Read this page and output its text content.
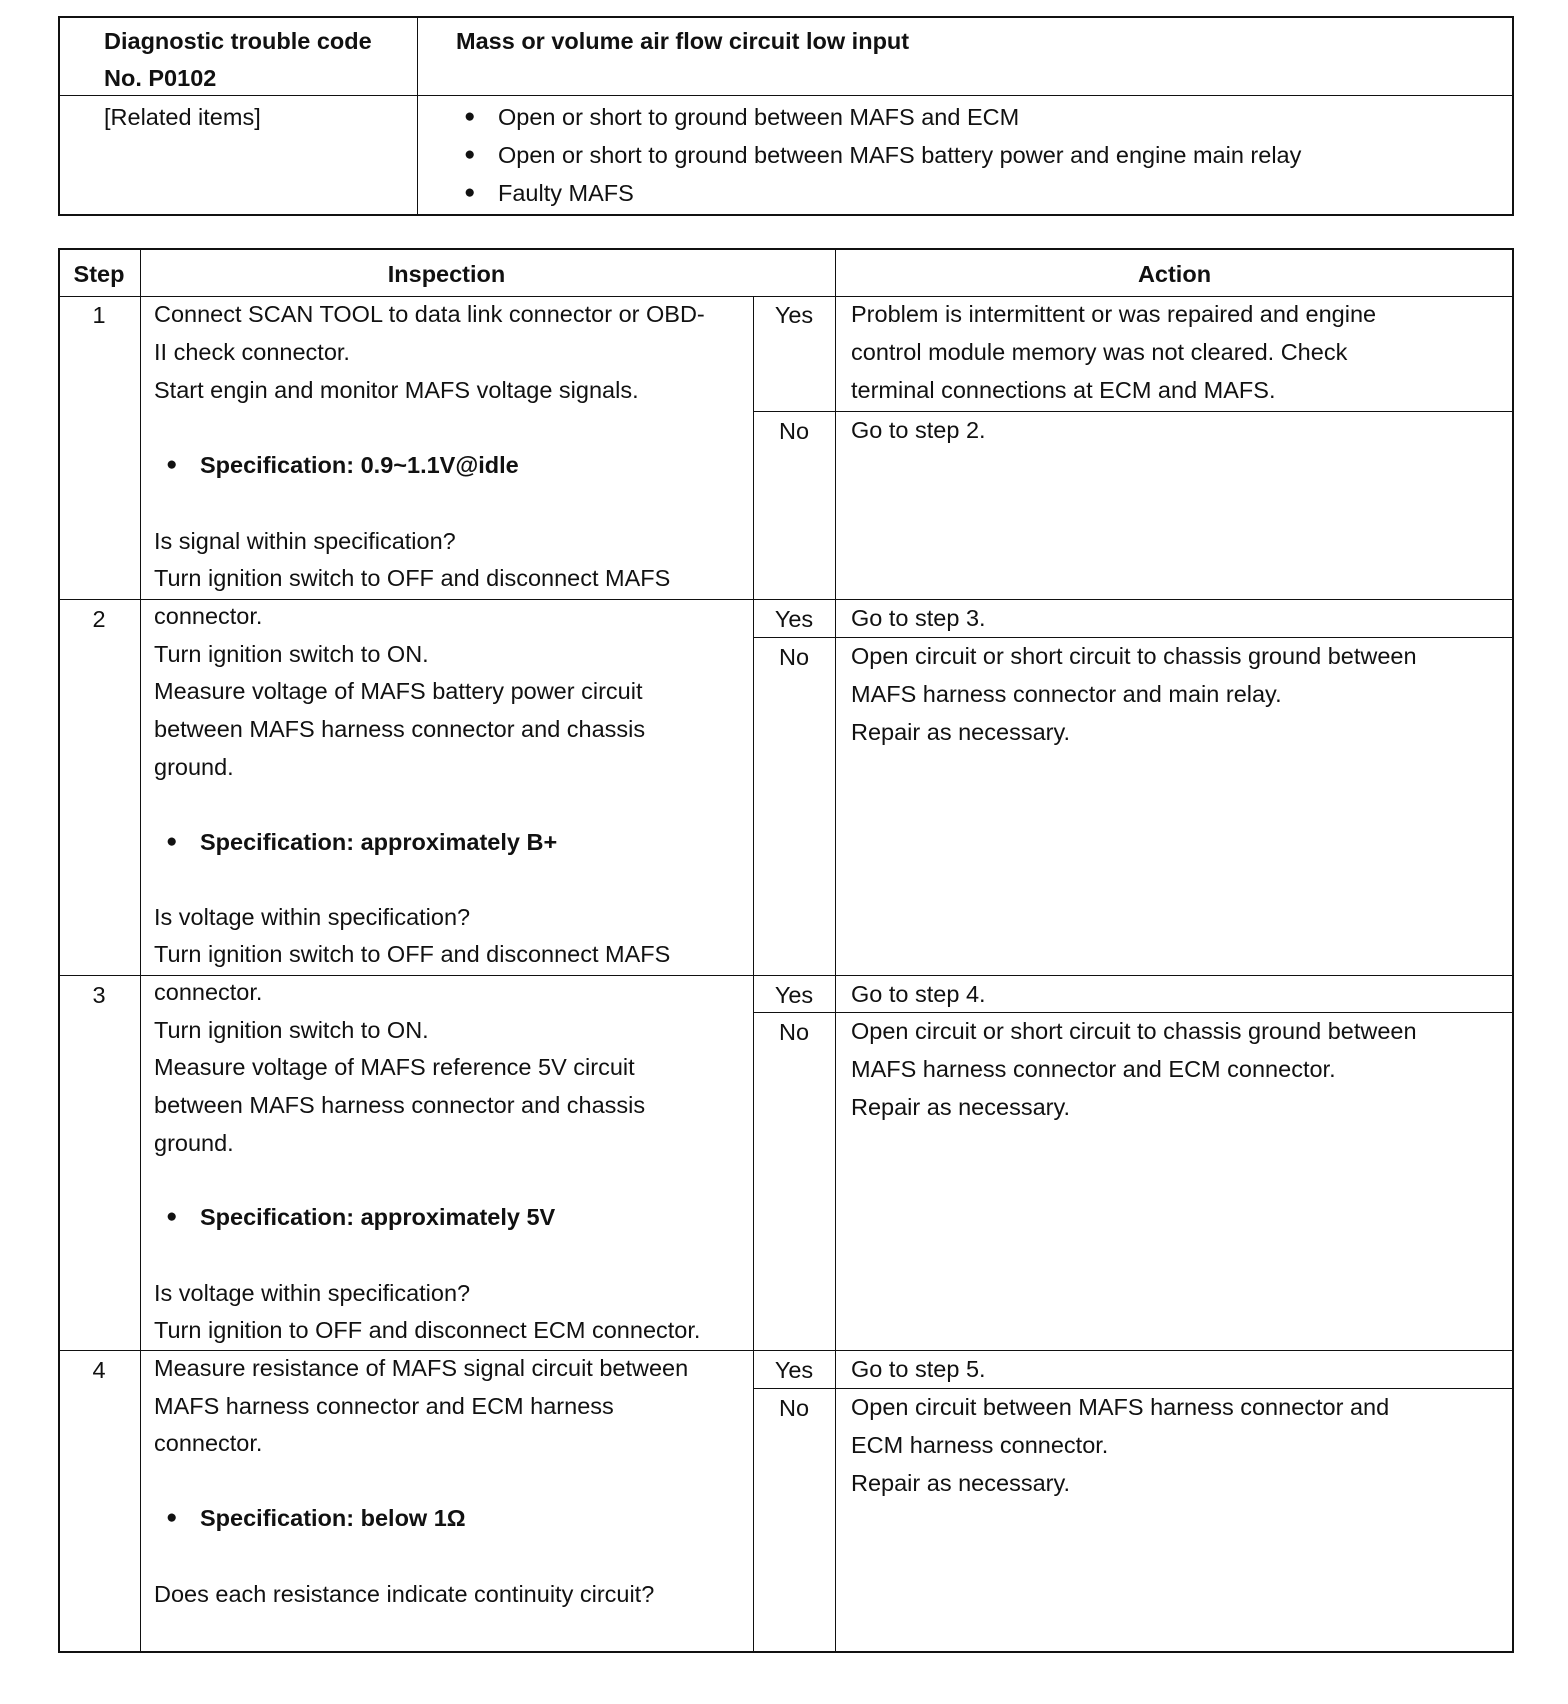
Diagnostic trouble code
No. P0102
Mass or volume air flow circuit low input
[Related items]
●	Open or short to ground between MAFS and ECM
● Open or short to ground between MAFS battery power and engine main relay
● Faulty MAFS
Step	Inspection	Action
1
2
3
4
Connect SCAN TOOL to data link connector or OBD-
II check connector.
Start engin and monitor MAFS voltage signals.
● Specification: 0.9~1.1V@idle
Is signal within specification?
Turn ignition switch to OFF and disconnect MAFS
connector.
Turn ignition switch to ON.
Measure voltage of MAFS battery power circuit
between MAFS harness connector and chassis
ground.
● Specification: approximately B+
Is voltage within specification?
Turn ignition switch to OFF and disconnect MAFS
connector.
Turn ignition switch to ON.
Measure voltage of MAFS reference 5V circuit
between MAFS harness connector and chassis
ground.
● Specification: approximately 5V
Is voltage within specification?
Turn ignition to OFF and disconnect ECM connector.
Measure resistance of MAFS signal circuit between
MAFS harness connector and ECM harness
connector.
● Specification: below 1Ω
Does each resistance indicate continuity circuit?
Yes
No
Yes
No
Yes
No
Yes
No
Problem is intermittent or was repaired and engine
control module memory was not cleared. Check
terminal connections at ECM and MAFS.
Go to step 2.
Go to step 3.
Open circuit or short circuit to chassis ground between
MAFS harness connector and main relay.
Repair as necessary.
Go to step 4.
Open circuit or short circuit to chassis ground between
MAFS harness connector and ECM connector.
Repair as necessary.
Go to step 5.
Open circuit between MAFS harness connector and
ECM harness connector.
Repair as necessary.
